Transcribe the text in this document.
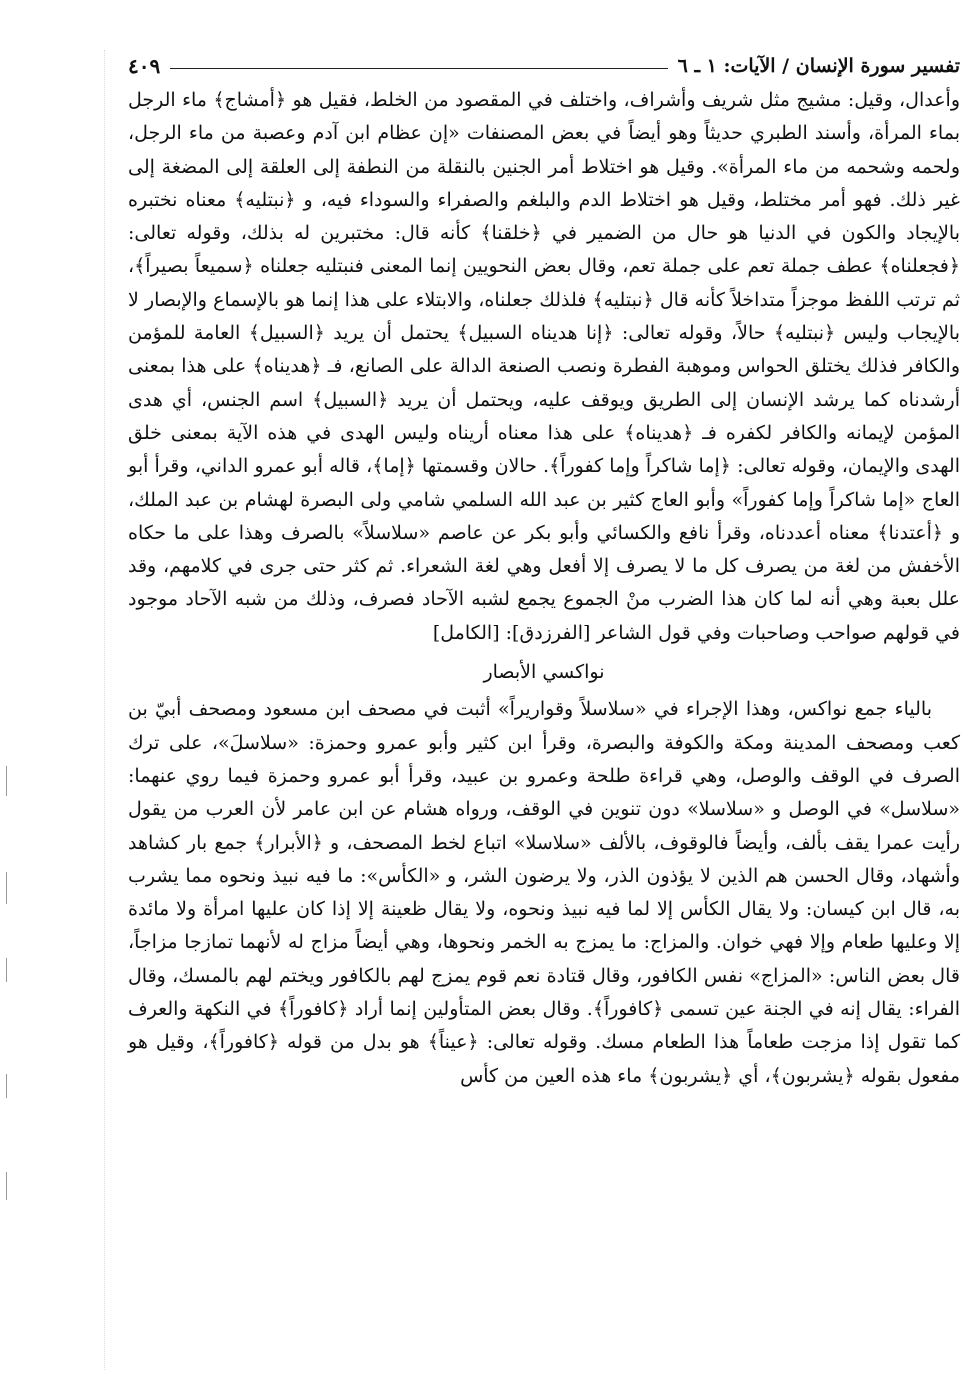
تفسير سورة الإنسان / الآيات: ١ ـ ٦
٤٠٩

وأعدال، وقيل: مشيج مثل شريف وأشراف، واختلف في المقصود من الخلط، فقيل هو ﴿أمشاج﴾ ماء الرجل بماء المرأة، وأسند الطبري حديثاً وهو أيضاً في بعض المصنفات «إن عظام ابن آدم وعصبة من ماء الرجل، ولحمه وشحمه من ماء المرأة». وقيل هو اختلاط أمر الجنين بالنقلة من النطفة إلى العلقة إلى المضغة إلى غير ذلك. فهو أمر مختلط، وقيل هو اختلاط الدم والبلغم والصفراء والسوداء فيه، و ﴿نبتليه﴾ معناه نختبره بالإيجاد والكون في الدنيا هو حال من الضمير في ﴿خلقنا﴾ كأنه قال: مختبرين له بذلك، وقوله تعالى: ﴿فجعلناه﴾ عطف جملة تعم على جملة تعم، وقال بعض النحويين إنما المعنى فنبتليه جعلناه ﴿سميعاً بصيراً﴾، ثم ترتب اللفظ موجزاً متداخلاً كأنه قال ﴿نبتليه﴾ فلذلك جعلناه، والابتلاء على هذا إنما هو بالإسماع والإبصار لا بالإيجاب وليس ﴿نبتليه﴾ حالاً، وقوله تعالى: ﴿إنا هديناه السبيل﴾ يحتمل أن يريد ﴿السبيل﴾ العامة للمؤمن والكافر فذلك يختلق الحواس وموهبة الفطرة ونصب الصنعة الدالة على الصانع، فـ ﴿هديناه﴾ على هذا بمعنى أرشدناه كما يرشد الإنسان إلى الطريق ويوقف عليه، ويحتمل أن يريد ﴿السبيل﴾ اسم الجنس، أي هدى المؤمن لإيمانه والكافر لكفره فـ ﴿هديناه﴾ على هذا معناه أريناه وليس الهدى في هذه الآية بمعنى خلق الهدى والإيمان، وقوله تعالى: ﴿إما شاكراً وإما كفوراً﴾. حالان وقسمتها ﴿إما﴾، قاله أبو عمرو الداني، وقرأ أبو العاج «إما شاكراً وإما كفوراً» وأبو العاج كثير بن عبد الله السلمي شامي ولى البصرة لهشام بن عبد الملك، و ﴿أعتدنا﴾ معناه أعددناه، وقرأ نافع والكسائي وأبو بكر عن عاصم «سلاسلاً» بالصرف وهذا على ما حكاه الأخفش من لغة من يصرف كل ما لا يصرف إلا أفعل وهي لغة الشعراء. ثم كثر حتى جرى في كلامهم، وقد علل بعبة وهي أنه لما كان هذا الضرب منْ الجموع يجمع لشبه الآحاد فصرف، وذلك من شبه الآحاد موجود في قولهم صواحب وصاحبات وفي قول الشاعر [الفرزدق]: [الكامل]

نواكسي الأبصار

بالياء جمع نواكس، وهذا الإجراء في «سلاسلاً وقواريراً» أثبت في مصحف ابن مسعود ومصحف أبيّ بن كعب ومصحف المدينة ومكة والكوفة والبصرة، وقرأ ابن كثير وأبو عمرو وحمزة: «سلاسلَ»، على ترك الصرف في الوقف والوصل، وهي قراءة طلحة وعمرو بن عبيد، وقرأ أبو عمرو وحمزة فيما روي عنهما: «سلاسل» في الوصل و «سلاسلا» دون تنوين في الوقف، ورواه هشام عن ابن عامر لأن العرب من يقول رأيت عمرا يقف بألف، وأيضاً فالوقوف، بالألف «سلاسلا» اتباع لخط المصحف، و ﴿الأبرار﴾ جمع بار كشاهد وأشهاد، وقال الحسن هم الذين لا يؤذون الذر، ولا يرضون الشر، و «الكأس»: ما فيه نبيذ ونحوه مما يشرب به، قال ابن كيسان: ولا يقال الكأس إلا لما فيه نبيذ ونحوه، ولا يقال ظعينة إلا إذا كان عليها امرأة ولا مائدة إلا وعليها طعام وإلا فهي خوان. والمزاج: ما يمزج به الخمر ونحوها، وهي أيضاً مزاج له لأنهما تمازجا مزاجاً، قال بعض الناس: «المزاج» نفس الكافور، وقال قتادة نعم قوم يمزج لهم بالكافور ويختم لهم بالمسك، وقال الفراء: يقال إنه في الجنة عين تسمى ﴿كافوراً﴾. وقال بعض المتأولين إنما أراد ﴿كافوراً﴾ في النكهة والعرف كما تقول إذا مزجت طعاماً هذا الطعام مسك. وقوله تعالى: ﴿عيناً﴾ هو بدل من قوله ﴿كافوراً﴾، وقيل هو مفعول بقوله ﴿يشربون﴾، أي ﴿يشربون﴾ ماء هذه العين من كأس
